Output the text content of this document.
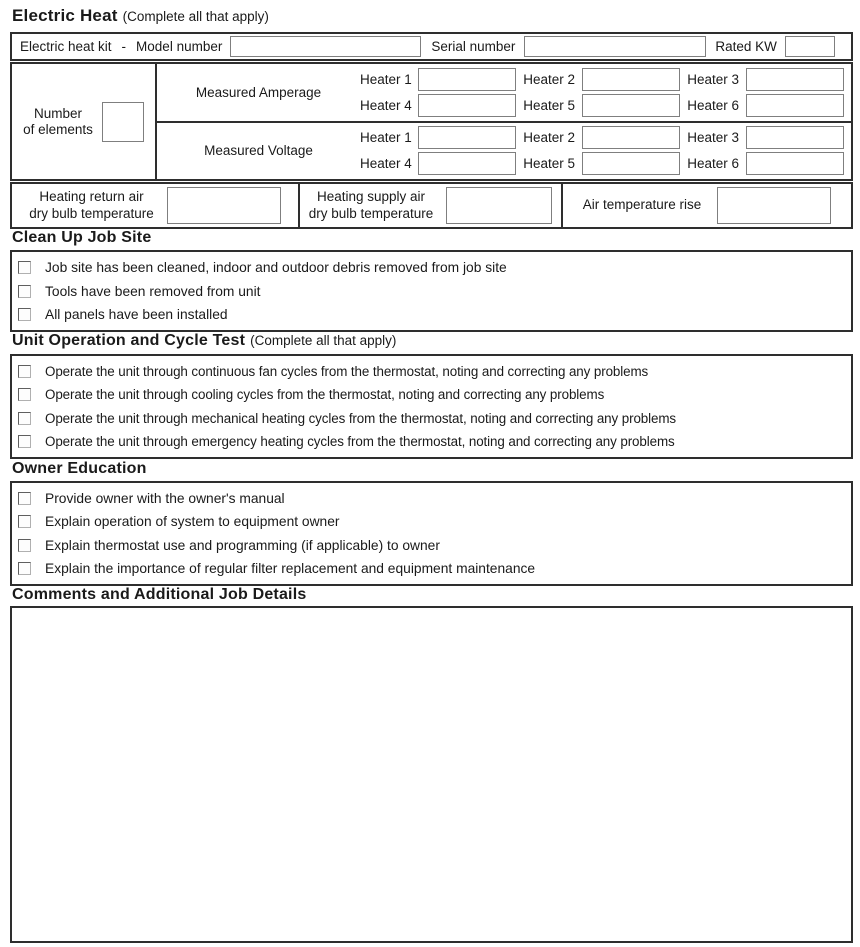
Electric Heat (Complete all that apply)
Electric heat kit - Model number	Serial number	Rated KW
Number
of elements
Measured Amperage
Heater 1	Heater 2	Heater 3
Heater 4	Heater 5	Heater 6
Measured Voltage
Heater 1	Heater 2	Heater 3
Heater 4	Heater 5	Heater 6
Heating return air
dry bulb temperature
Heating supply air
dry bulb temperature
Air temperature rise
Clean Up Job Site
Job site has been cleaned, indoor and outdoor debris removed from job site
Tools have been removed from unit
All panels have been installed
Unit Operation and Cycle Test (Complete all that apply)
Operate the unit through continuous fan cycles from the thermostat, noting and correcting any problems
Operate the unit through cooling cycles from the thermostat, noting and correcting any problems
Operate the unit through mechanical heating cycles from the thermostat, noting and correcting any problems
Operate the unit through emergency heating cycles from the thermostat, noting and correcting any problems
Owner Education
Provide owner with the owner's manual
Explain operation of system to equipment owner
Explain thermostat use and programming (if applicable) to owner
Explain the importance of regular filter replacement and equipment maintenance
Comments and Additional Job Details
